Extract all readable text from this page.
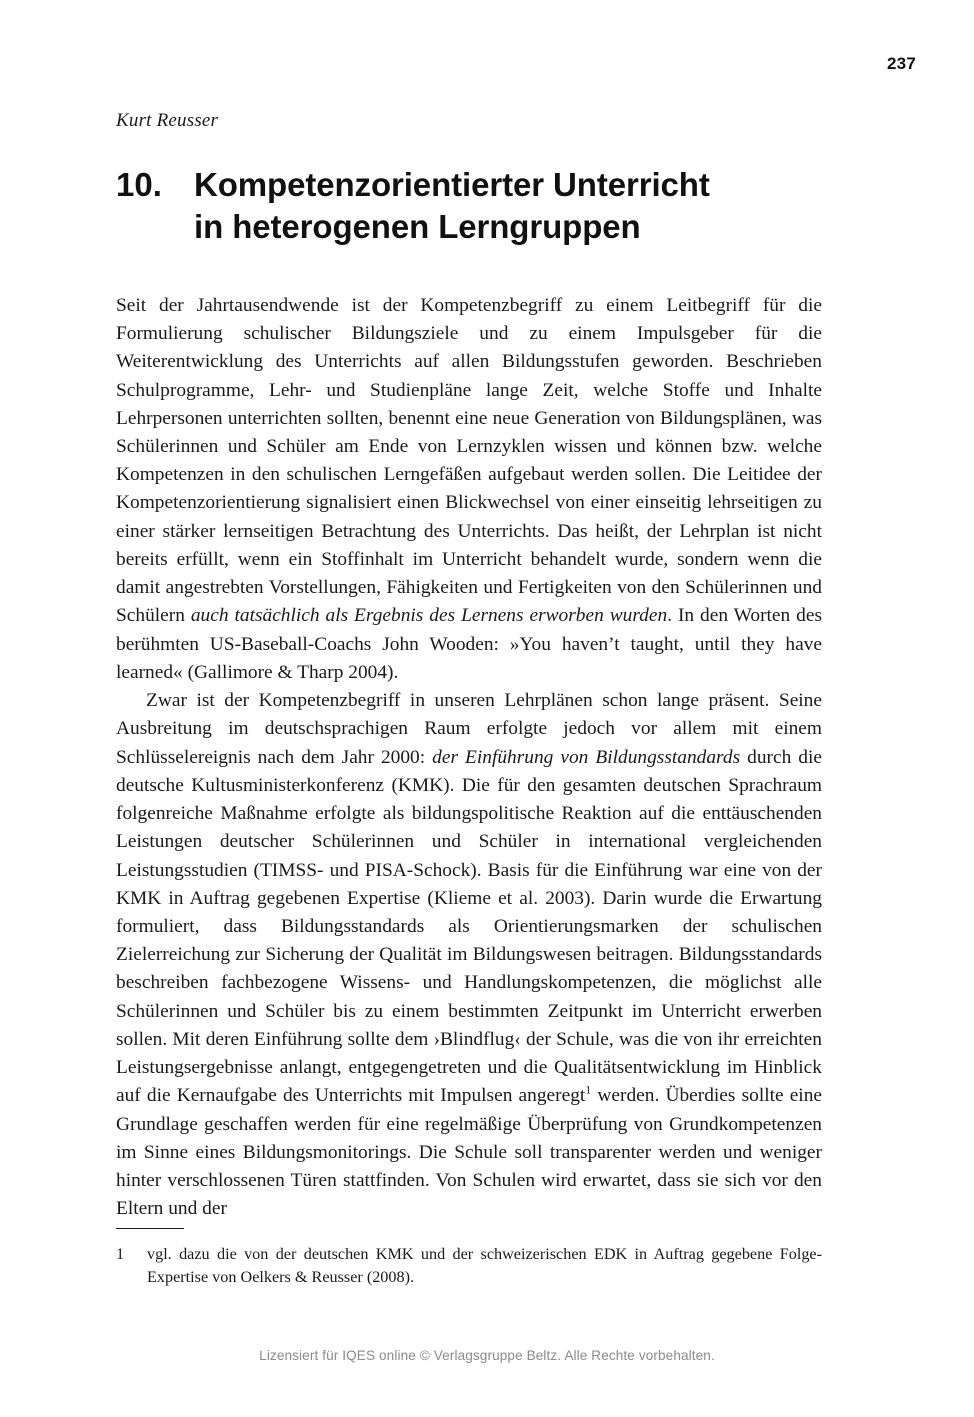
237
Kurt Reusser
10. Kompetenzorientierter Unterricht
in heterogenen Lerngruppen

Seit der Jahrtausendwende ist der Kompetenzbegriff zu einem Leitbegriff für die Formulierung schulischer Bildungsziele und zu einem Impulsgeber für die Weiterentwicklung des Unterrichts auf allen Bildungsstufen geworden. Beschrieben Schulprogramme, Lehr- und Studienpläne lange Zeit, welche Stoffe und Inhalte Lehrpersonen unterrichten sollten, benennt eine neue Generation von Bildungsplänen, was Schülerinnen und Schüler am Ende von Lernzyklen wissen und können bzw. welche Kompetenzen in den schulischen Lerngefäßen aufgebaut werden sollen. Die Leitidee der Kompetenzorientierung signalisiert einen Blickwechsel von einer einseitig lehrseitigen zu einer stärker lernseitigen Betrachtung des Unterrichts. Das heißt, der Lehrplan ist nicht bereits erfüllt, wenn ein Stoffinhalt im Unterricht behandelt wurde, sondern wenn die damit angestrebten Vorstellungen, Fähigkeiten und Fertigkeiten von den Schülerinnen und Schülern auch tatsächlich als Ergebnis des Lernens erworben wurden. In den Worten des berühmten US-Baseball-Coachs John Wooden: »You haven’t taught, until they have learned« (Gallimore & Tharp 2004).

Zwar ist der Kompetenzbegriff in unseren Lehrplänen schon lange präsent. Seine Ausbreitung im deutschsprachigen Raum erfolgte jedoch vor allem mit einem Schlüsselereignis nach dem Jahr 2000: der Einführung von Bildungsstandards durch die deutsche Kultusministerkonferenz (KMK). Die für den gesamten deutschen Sprachraum folgenreiche Maßnahme erfolgte als bildungspolitische Reaktion auf die enttäuschenden Leistungen deutscher Schülerinnen und Schüler in international vergleichenden Leistungsstudien (TIMSS- und PISA-Schock). Basis für die Einführung war eine von der KMK in Auftrag gegebenen Expertise (Klieme et al. 2003). Darin wurde die Erwartung formuliert, dass Bildungsstandards als Orientierungsmarken der schulischen Zielerreichung zur Sicherung der Qualität im Bildungswesen beitragen. Bildungsstandards beschreiben fachbezogene Wissens- und Handlungskompetenzen, die möglichst alle Schülerinnen und Schüler bis zu einem bestimmten Zeitpunkt im Unterricht erwerben sollen. Mit deren Einführung sollte dem ›Blindflug‹ der Schule, was die von ihr erreichten Leistungsergebnisse anlangt, entgegengetreten und die Qualitätsentwicklung im Hinblick auf die Kernaufgabe des Unterrichts mit Impulsen angeregt$^1$ werden. Überdies sollte eine Grundlage geschaffen werden für eine regelmäßige Überprüfung von Grundkompetenzen im Sinne eines Bildungsmonitorings. Die Schule soll transparenter werden und weniger hinter verschlossenen Türen stattfinden. Von Schulen wird erwartet, dass sie sich vor den Eltern und der

1	vgl. dazu die von der deutschen KMK und der schweizerischen EDK in Auftrag gegebene Folge-Expertise von Oelkers & Reusser (2008).
Lizensiert für IQES online © Verlagsgruppe Beltz. Alle Rechte vorbehalten.
